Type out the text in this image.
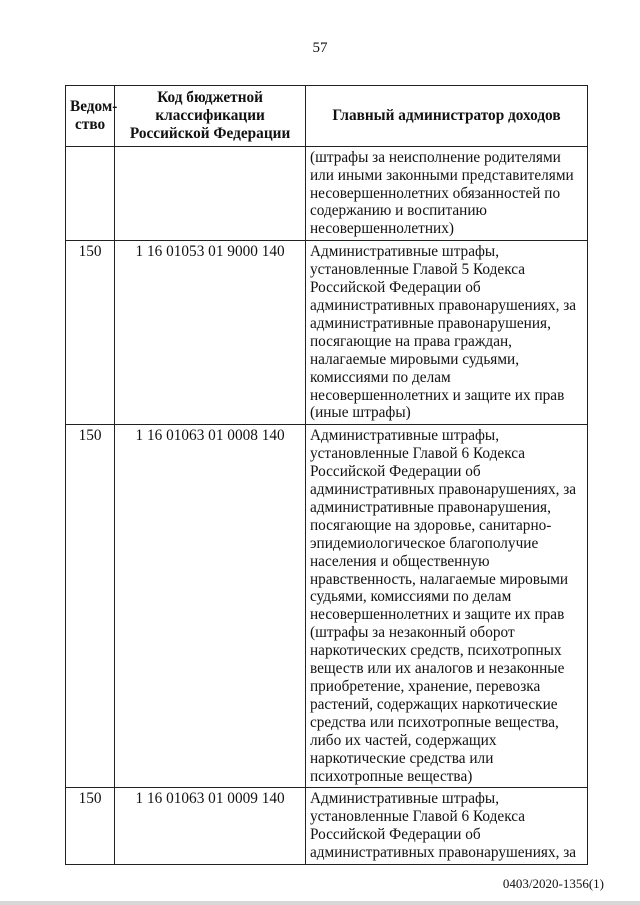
57
Ведом-ство	Код бюджетной классификации Российской Федерации	Главный администратор доходов
		(штрафы за неисполнение родителями или иными законными представителями несовершеннолетних обязанностей по содержанию и воспитанию несовершеннолетних)
150	1 16 01053 01 9000 140	Административные штрафы, установленные Главой 5 Кодекса Российской Федерации об административных правонарушениях, за административные правонарушения, посягающие на права граждан, налагаемые мировыми судьями, комиссиями по делам несовершеннолетних и защите их прав (иные штрафы)
150	1 16 01063 01 0008 140	Административные штрафы, установленные Главой 6 Кодекса Российской Федерации об административных правонарушениях, за административные правонарушения, посягающие на здоровье, санитарно-эпидемиологическое благополучие населения и общественную нравственность, налагаемые мировыми судьями, комиссиями по делам несовершеннолетних и защите их прав (штрафы за незаконный оборот наркотических средств, психотропных веществ или их аналогов и незаконные приобретение, хранение, перевозка растений, содержащих наркотические средства или психотропные вещества, либо их частей, содержащих наркотические средства или психотропные вещества)
150	1 16 01063 01 0009 140	Административные штрафы, установленные Главой 6 Кодекса Российской Федерации об административных правонарушениях, за
0403/2020-1356(1)
